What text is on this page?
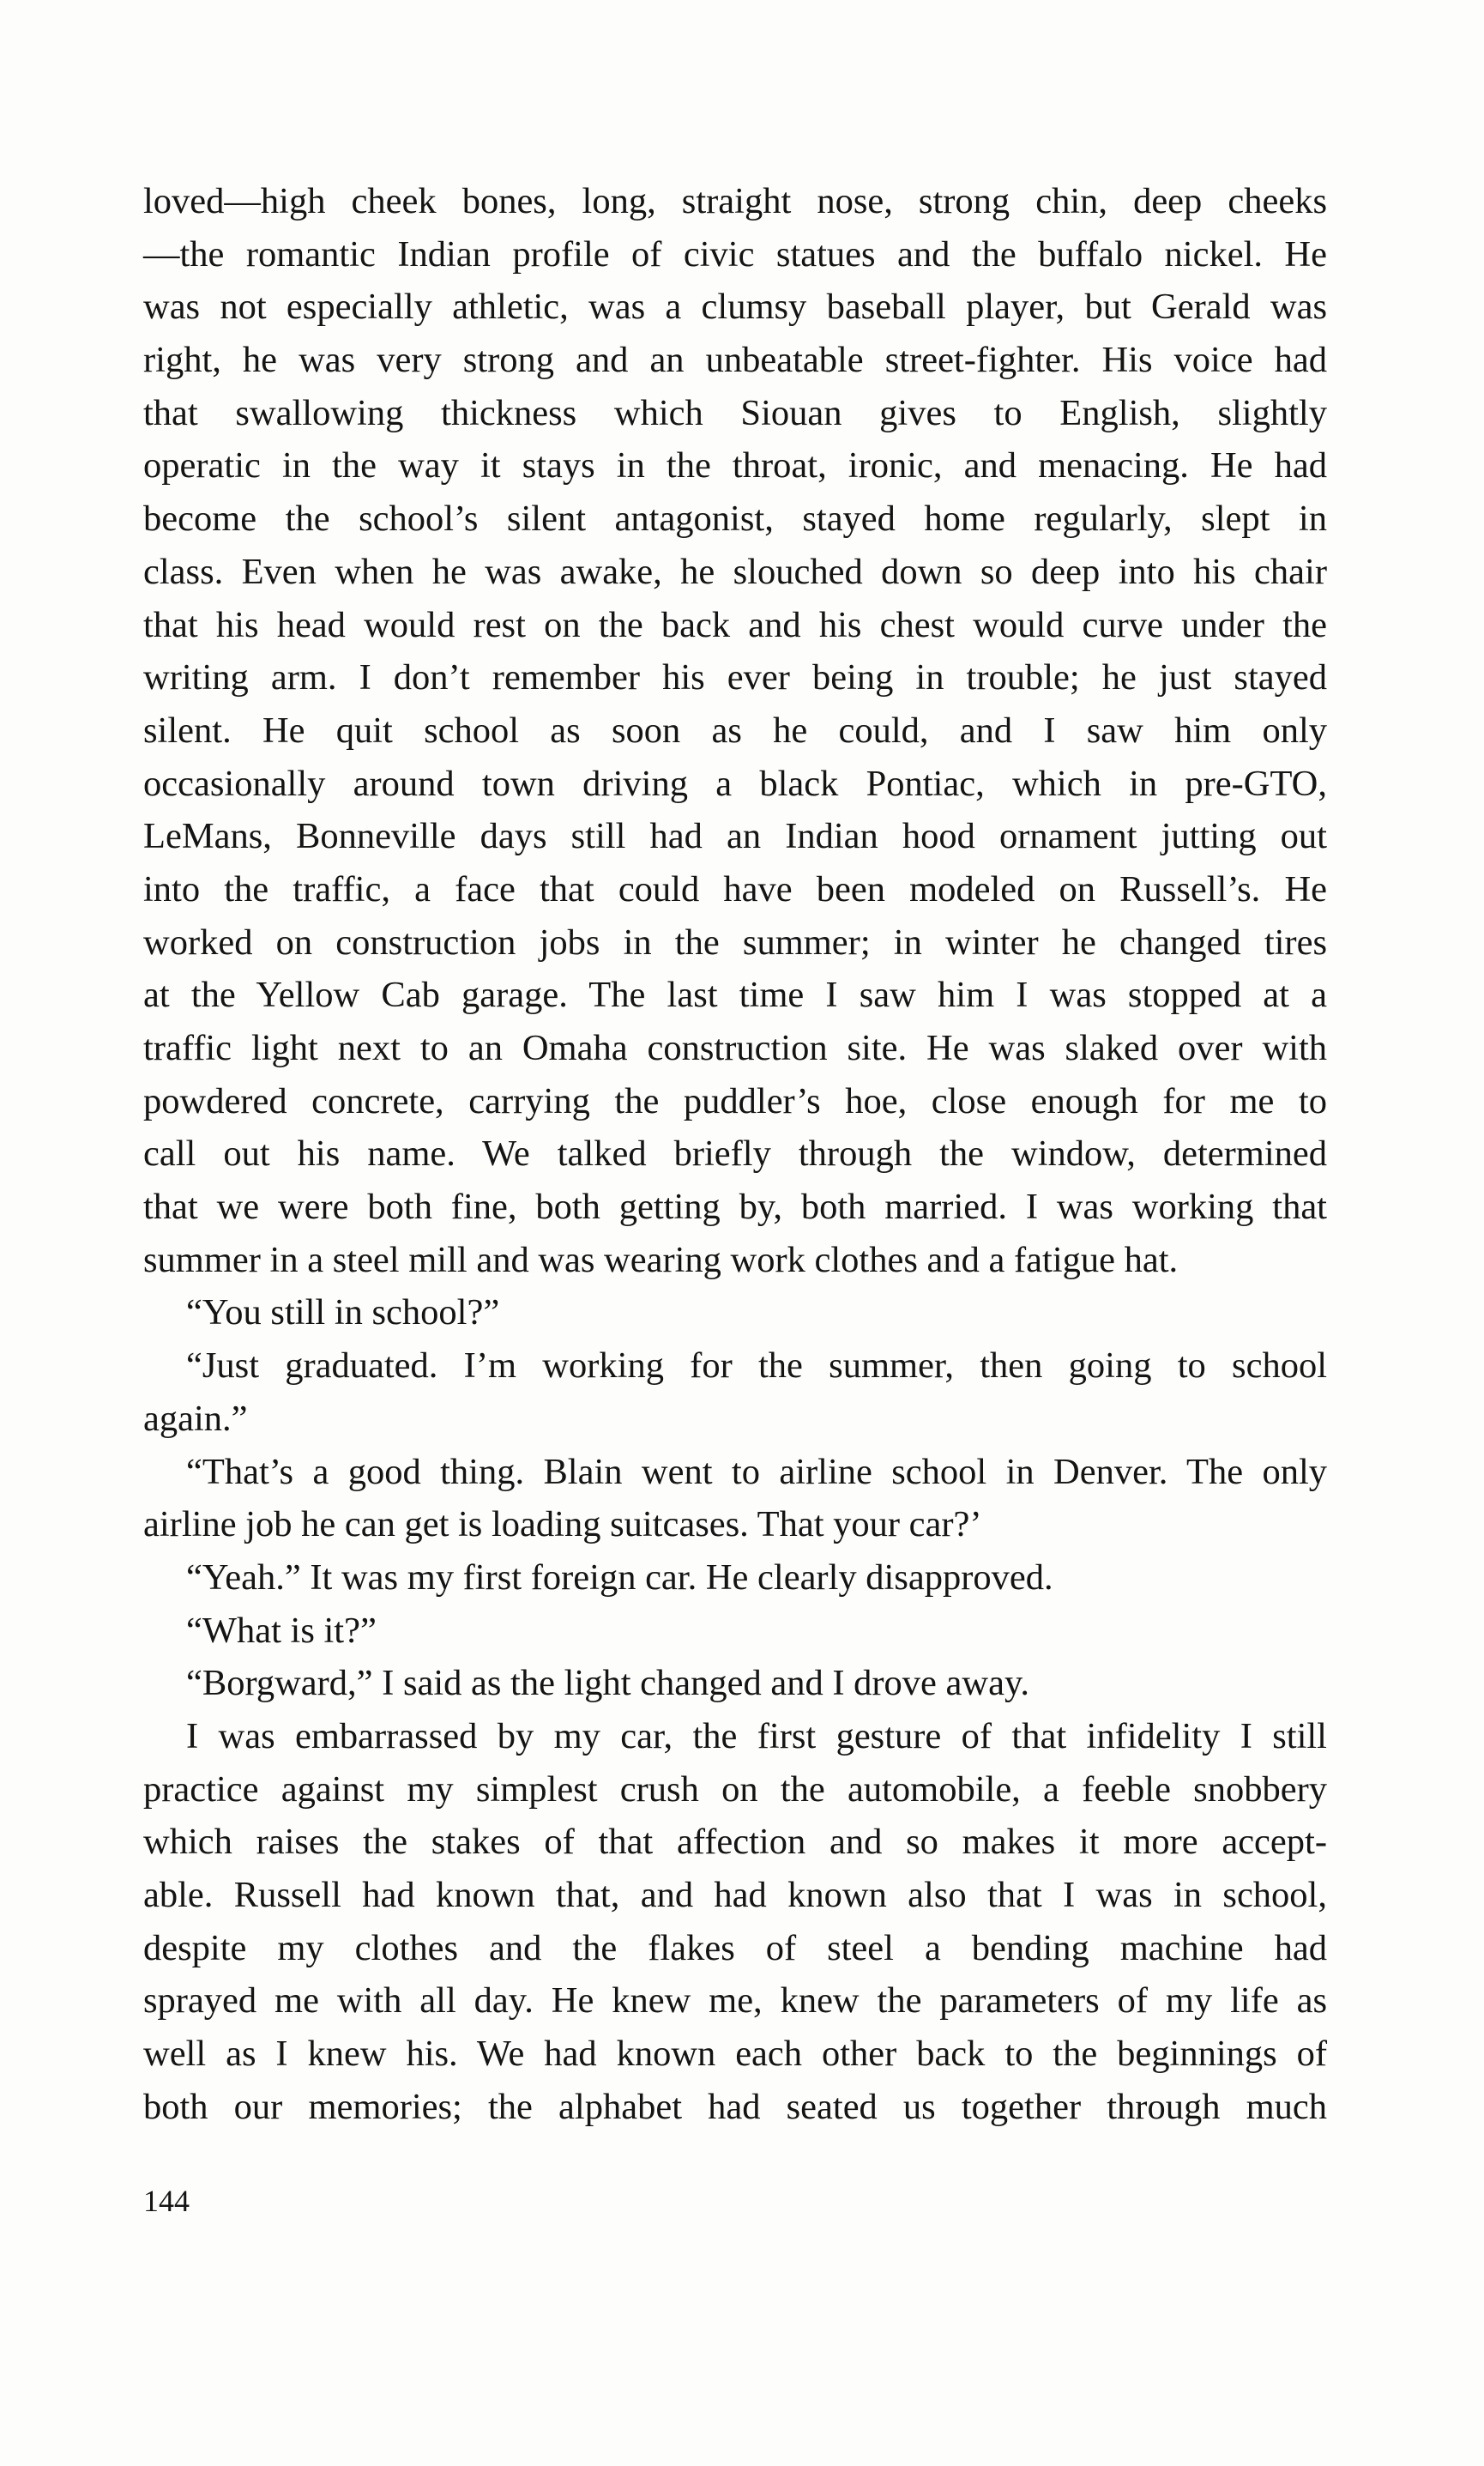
loved—high cheek bones, long, straight nose, strong chin, deep cheeks
—the romantic Indian profile of civic statues and the buffalo nickel. He
was not especially athletic, was a clumsy baseball player, but Gerald was
right, he was very strong and an unbeatable street-fighter. His voice had
that swallowing thickness which Siouan gives to English, slightly
operatic in the way it stays in the throat, ironic, and menacing. He had
become the school’s silent antagonist, stayed home regularly, slept in
class. Even when he was awake, he slouched down so deep into his chair
that his head would rest on the back and his chest would curve under the
writing arm. I don’t remember his ever being in trouble; he just stayed
silent. He quit school as soon as he could, and I saw him only
occasionally around town driving a black Pontiac, which in pre-GTO,
LeMans, Bonneville days still had an Indian hood ornament jutting out
into the traffic, a face that could have been modeled on Russell’s. He
worked on construction jobs in the summer; in winter he changed tires
at the Yellow Cab garage. The last time I saw him I was stopped at a
traffic light next to an Omaha construction site. He was slaked over with
powdered concrete, carrying the puddler’s hoe, close enough for me to
call out his name. We talked briefly through the window, determined
that we were both fine, both getting by, both married. I was working that
summer in a steel mill and was wearing work clothes and a fatigue hat.
“You still in school?”
“Just graduated. I’m working for the summer, then going to school
again.”
“That’s a good thing. Blain went to airline school in Denver. The only
airline job he can get is loading suitcases. That your car?’
“Yeah.” It was my first foreign car. He clearly disapproved.
“What is it?”
“Borgward,” I said as the light changed and I drove away.
I was embarrassed by my car, the first gesture of that infidelity I still
practice against my simplest crush on the automobile, a feeble snobbery
which raises the stakes of that affection and so makes it more accept-
able. Russell had known that, and had known also that I was in school,
despite my clothes and the flakes of steel a bending machine had
sprayed me with all day. He knew me, knew the parameters of my life as
well as I knew his. We had known each other back to the beginnings of
both our memories; the alphabet had seated us together through much
144
